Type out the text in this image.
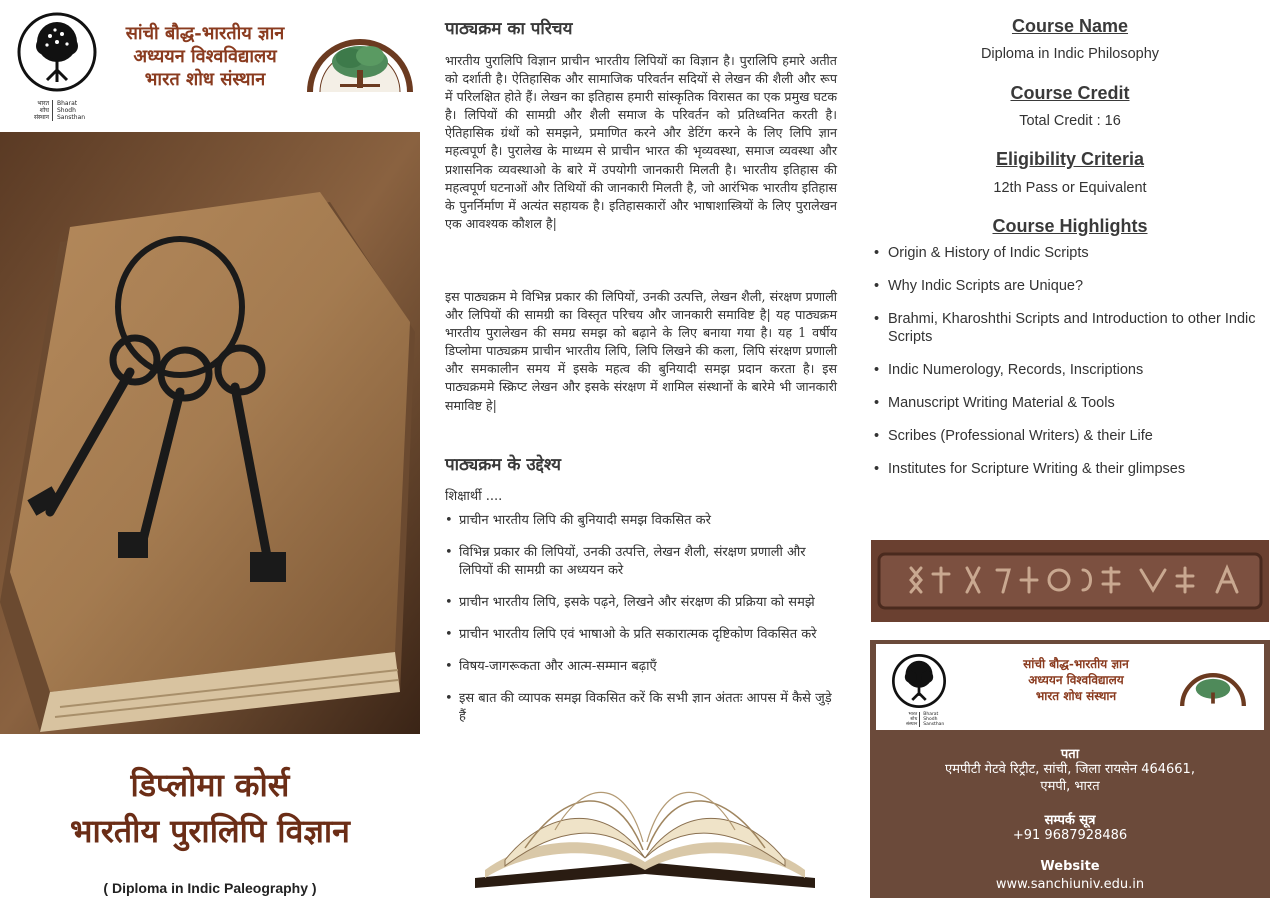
भारत
शोध
संस्थान
Bharat
Shodh
Sansthan
सांची बौद्ध-भारतीय ज्ञान
अध्ययन विश्वविद्यालय
भारत शोध संस्थान
डिप्लोमा कोर्स
भारतीय पुरालिपि विज्ञान
( Diploma in Indic Paleography )
पाठ्यक्रम का परिचय
भारतीय पुरालिपि विज्ञान प्राचीन भारतीय लिपियों का विज्ञान है। पुरालिपि हमारे अतीत को दर्शाती है। ऐतिहासिक और सामाजिक परिवर्तन सदियों से लेखन की शैली और रूप में परिलक्षित होते हैं। लेखन का इतिहास हमारी सांस्कृतिक विरासत का एक प्रमुख घटक है। लिपियों की सामग्री और शैली समाज के परिवर्तन को प्रतिध्वनित करती है। ऐतिहासिक ग्रंथों को समझने, प्रमाणित करने और डेटिंग करने के लिए लिपि ज्ञान महत्वपूर्ण है। पुरालेख के माध्यम से प्राचीन भारत की भृव्यवस्था, समाज व्यवस्था और प्रशासनिक व्यवस्थाओ के बारे में उपयोगी जानकारी मिलती है। भारतीय इतिहास की महत्वपूर्ण घटनाओं और तिथियों की जानकारी मिलती है, जो आरंभिक भारतीय इतिहास के पुनर्निर्माण में अत्यंत सहायक है। इतिहासकारों और भाषाशास्त्रियों के लिए पुरालेखन एक आवश्यक कौशल है|
इस पाठ्यक्रम मे विभिन्न प्रकार की लिपियों, उनकी उत्पत्ति, लेखन शैली, संरक्षण प्रणाली और लिपियों की सामग्री का विस्तृत परिचय और जानकारी समाविष्ट है| यह पाठ्यक्रम भारतीय पुरालेखन की समग्र समझ को बढ़ाने के लिए बनाया गया है। यह 1 वर्षीय डिप्लोमा पाठ्यक्रम प्राचीन भारतीय लिपि, लिपि लिखने की कला, लिपि संरक्षण प्रणाली और समकालीन समय में इसके महत्व की बुनियादी समझ प्रदान करता है। इस पाठ्यक्रममे स्क्रिप्ट लेखन और इसके संरक्षण में शामिल संस्थानों के बारेमे भी जानकारी समाविष्ट हे|
पाठ्यक्रम के उद्देश्य
शिक्षार्थी ....
• प्राचीन भारतीय लिपि की बुनियादी समझ विकसित करे
• विभिन्न प्रकार की लिपियों, उनकी उत्पत्ति, लेखन शैली, संरक्षण प्रणाली और लिपियों की सामग्री का अध्ययन करे
• प्राचीन भारतीय लिपि, इसके पढ़ने, लिखने और संरक्षण की प्रक्रिया को समझे
• प्राचीन भारतीय लिपि एवं भाषाओ के प्रति सकारात्मक दृष्टिकोण विकसित करे
• विषय-जागरूकता और आत्म-सम्मान बढ़ाएँ
• इस बात की व्यापक समझ विकसित करें कि सभी ज्ञान अंततः आपस में कैसे जुड़े हैं
Course Name
Diploma in Indic Philosophy
Course Credit
Total Credit : 16
Eligibility Criteria
12th Pass or Equivalent
Course Highlights
• Origin & History of Indic Scripts
• Why Indic Scripts are Unique?
• Brahmi, Kharoshthi Scripts and Introduction to other Indic Scripts
• Indic Numerology, Records, Inscriptions
• Manuscript Writing Material & Tools
• Scribes (Professional Writers) & their Life
• Institutes for Scripture Writing & their glimpses
भारत
शोध
संस्थान
Bharat
Shodh
Sansthan
सांची बौद्ध-भारतीय ज्ञान
अध्ययन विश्वविद्यालय
भारत शोध संस्थान
पता
एमपीटी गेटवे रिट्रीट, सांची, जिला रायसेन 464661,
एमपी, भारत
सम्पर्क सूत्र
+91 9687928486
Website
www.sanchiuniv.edu.in
